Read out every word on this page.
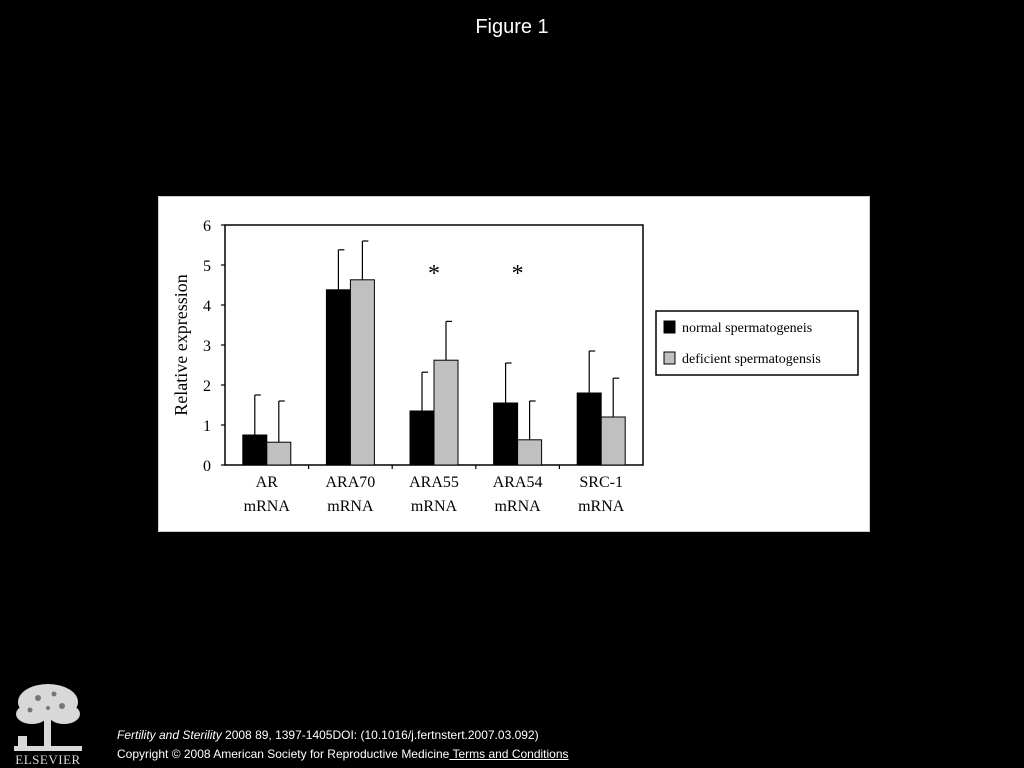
Figure 1
0
1
2
3
4
5
6
Relative expression
AR
mRNA
ARA70
mRNA
ARA55
mRNA
ARA54
mRNA
SRC-1
mRNA
*	*
normal spermatogeneis
deficient spermatogensis
ELSEVIER
Fertility and Sterility 2008 89, 1397-1405DOI: (10.1016/j.fertnstert.2007.03.092)
Copyright © 2008 American Society for Reproductive Medicine Terms and Conditions
